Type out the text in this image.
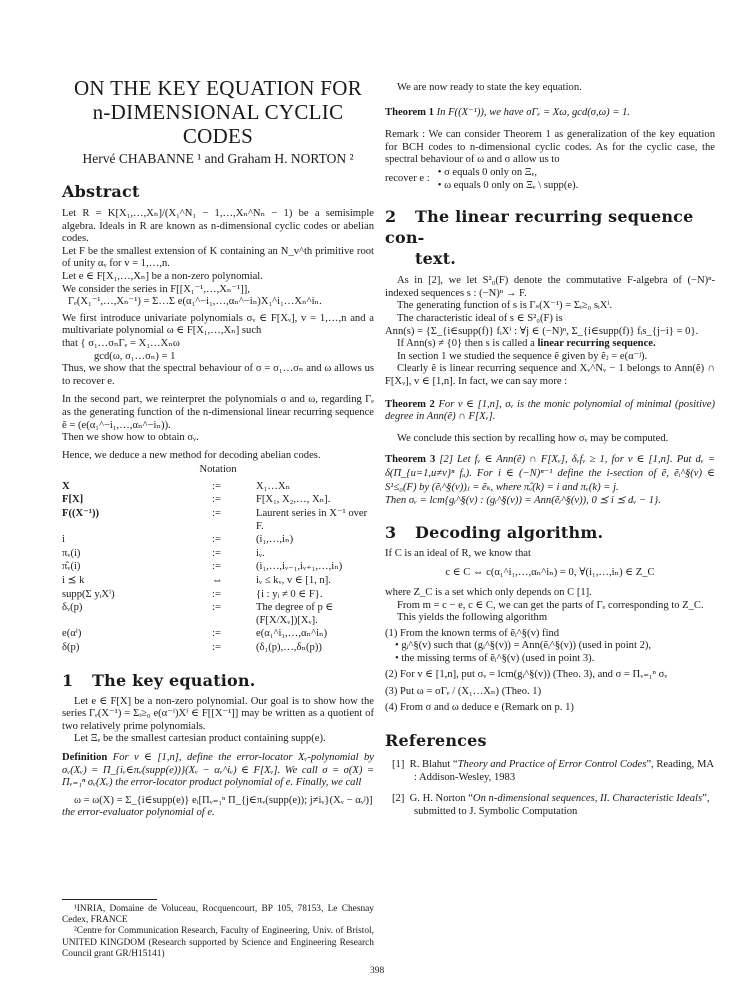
ON THE KEY EQUATION FOR
n-DIMENSIONAL CYCLIC
CODES
Hervé CHABANNE ¹ and Graham H. NORTON ²
Abstract

Let R = K[X₁,…,Xₙ]/(X₁^N₁ − 1,…,Xₙ^Nₙ − 1) be a semisimple algebra. Ideals in R are known as n-dimensional cyclic codes or abelian codes.

Let F be the smallest extension of K containing an N_v^th primitive root of unity αᵥ for v = 1,…,n.

Let e ∈ F[X₁,…,Xₙ] be a non-zero polynomial.

We consider the series in F[[X₁⁻¹,…,Xₙ⁻¹]],

Γₑ(X₁⁻¹,…,Xₙ⁻¹) = Σ…Σ e(α₁^−i₁,…,αₙ^−iₙ)X₁^i₁…Xₙ^iₙ.

We first introduce univariate polynomials σᵥ ∈ F[Xᵥ], v = 1,…,n and a multivariate polynomial ω ∈ F[X₁,…,Xₙ] such

that { σ₁…σₙΓₑ = X₁…Xₙω

gcd(ω, σ₁…σₙ) = 1

Thus, we show that the spectral behaviour of σ = σ₁…σₙ and ω allows us to recover e.

In the second part, we reinterpret the polynomials σ and ω, regarding Γₑ as the generating function of the n-dimensional linear recurring sequence ẽ = (e(α₁^−i₁,…,αₙ^−iₙ)).

Then we show how to obtain σᵥ.

Hence, we deduce a new method for decoding abelian codes.

Notation

X	:=	X₁…Xₙ
F[X]	:=	F[X₁, X₂,…, Xₙ].
F((X⁻¹))	:=	Laurent series in X⁻¹ over F.
i	:=	(i₁,…,iₙ)
πᵥ(i)	:=	iᵥ.
π̂ᵥ(i)	:=	(i₁,…,iᵥ₋₁,iᵥ₊₁,…,iₙ)
i ⪯ k	⇔	iᵥ ≤ kᵥ, v ∈ [1, n].
supp(Σ yᵢXⁱ)	:=	{i : yᵢ ≠ 0 ∈ F}.
δᵥ(p)	:=	The degree of p ∈ (F[X/Xᵥ])[Xᵥ].
e(αⁱ)	:=	e(α₁^i₁,…,αₙ^iₙ)
δ(p)	:=	(δ₁(p),…,δₙ(p))
1 The key equation.

Let e ∈ F[X] be a non-zero polynomial. Our goal is to show how the series Γₑ(X⁻¹) = Σᵢ≥₀ e(α⁻ⁱ)Xⁱ ∈ F[[X⁻¹]] may be written as a quotient of two relatively prime polynomials.

Let Ξₑ be the smallest cartesian product containing supp(e).

Definition For v ∈ [1,n], define the error-locator Xᵥ-polynomial by σᵥ(Xᵥ) = Π_{iᵥ∈πᵥ(supp(e))}(Xᵥ − αᵥ^iᵥ) ∈ F[Xᵥ]. We call σ = σ(X) = Πᵥ₌₁ⁿ σᵥ(Xᵥ) the error-locator product polynomial of e. Finally, we call

ω = ω(X) = Σ_{i∈supp(e)} eᵢ[Πᵥ₌₁ⁿ Π_{j∈πᵥ(supp(e)); j≠iᵥ}(Xᵥ − αᵥʲ)]

the error-evaluator polynomial of e.

¹INRIA, Domaine de Voluceau, Rocquencourt, BP 105, 78153, Le Chesnay Cedex, FRANCE

²Centre for Communication Research, Faculty of Engineering, Univ. of Bristol, UNITED KINGDOM (Research supported by Science and Engineering Research Council grant GR/H15141)

398

We are now ready to state the key equation.

Theorem 1 In F((X⁻¹)), we have σΓₑ = Xω, gcd(σ,ω) = 1.

Remark : We can consider Theorem 1 as generalization of the key equation for BCH codes to n-dimensional cyclic codes. As for the cyclic case, the spectral behaviour of ω and σ allow us to

recover e :
• σ equals 0 only on Ξₑ,
• ω equals 0 only on Ξₑ \ supp(e).
2 The linear recurring sequence con-
text.

As in [2], we let S²₀(F) denote the commutative F-algebra of (−N)ⁿ-indexed sequences s : (−N)ⁿ → F.

The generating function of s is Γₛ(X⁻¹) = Σᵢ≥₀ sᵢXⁱ.

The characteristic ideal of s ∈ S²₀(F) is

Ann(s) = {Σ_{i∈supp(f)} fᵢXⁱ : ∀j ∈ (−N)ⁿ, Σ_{i∈supp(f)} fᵢs_{j−i} = 0}.

If Ann(s) ≠ {0} then s is called a linear recurring sequence.

In section 1 we studied the sequence ẽ given by ẽⱼ = e(α⁻ʲ).

Clearly ẽ is linear recurring sequence and Xᵥ^Nᵥ − 1 belongs to Ann(ẽ) ∩ F[Xᵥ], v ∈ [1,n]. In fact, we can say more :

Theorem 2 For v ∈ [1,n], σᵥ is the monic polynomial of minimal (positive) degree in Ann(ẽ) ∩ F[Xᵥ].

We conclude this section by recalling how σᵥ may be computed.

Theorem 3 [2] Let fᵥ ∈ Ann(ẽ) ∩ F[Xᵥ], δᵥfᵥ ≥ 1, for v ∈ [1,n]. Put dᵥ = δ(Π_{u=1,u≠v}ⁿ fᵤ). For i ∈ (−N)ⁿ⁻¹ define the i-section of ẽ, ẽᵢ^§(v) ∈ S¹≤₀(F) by (ẽᵢ^§(v))ⱼ = ẽₖ, where π̂ᵥ(k) = i and πᵥ(k) = j.

Then σᵥ = lcm{gᵢ^§(v) : (gᵢ^§(v)) = Ann(ẽᵢ^§(v)), 0 ⪯ i ⪯ dᵥ − 1}.

3 Decoding algorithm.

If C is an ideal of R, we know that

c ∈ C ⇔ c(α₁^i₁,…,αₙ^iₙ) = 0, ∀(i₁,…,iₙ) ∈ Z_C

where Z_C is a set which only depends on C [1].

From m = c − e, c ∈ C, we can get the parts of Γₑ corresponding to Z_C.

This yields the following algorithm

(1) From the known terms of ẽᵢ^§(v) find

• gᵢ^§(v) such that (gᵢ^§(v)) = Ann(ẽᵢ^§(v)) (used in point 2),

• the missing terms of ẽᵢ^§(v) (used in point 3).

(2) For v ∈ [1,n], put σᵥ = lcm(gᵢ^§(v)) (Theo. 3), and σ = Πᵥ₌₁ⁿ σᵥ

(3) Put ω = σΓₑ / (X₁…Xₙ) (Theo. 1)

(4) From σ and ω deduce e (Remark on p. 1)

References
[1] R. Blahut “Theory and Practice of Error Control Codes”, Reading, MA : Addison-Wesley, 1983
[2] G. H. Norton “On n-dimensional sequences, II. Characteristic Ideals”, submitted to J. Symbolic Computation
